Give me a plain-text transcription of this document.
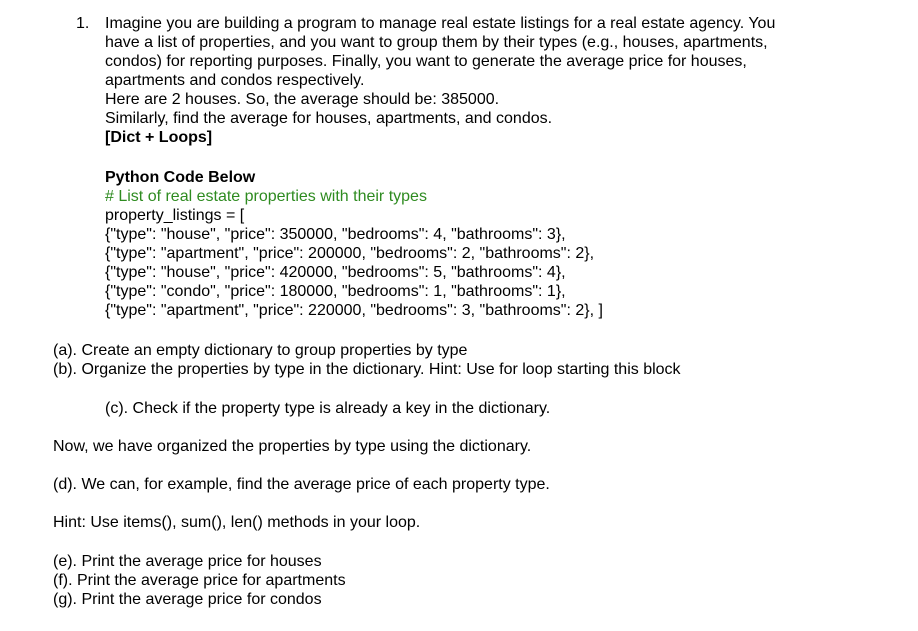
1. Imagine you are building a program to manage real estate listings for a real estate agency. You
have a list of properties, and you want to group them by their types (e.g., houses, apartments,
condos) for reporting purposes. Finally, you want to generate the average price for houses,
apartments and condos respectively.
Here are 2 houses. So, the average should be: 385000.
Similarly, find the average for houses, apartments, and condos.
[Dict + Loops]
Python Code Below
# List of real estate properties with their types
property_listings = [
{"type": "house", "price": 350000, "bedrooms": 4, "bathrooms": 3},
{"type": "apartment", "price": 200000, "bedrooms": 2, "bathrooms": 2},
{"type": "house", "price": 420000, "bedrooms": 5, "bathrooms": 4},
{"type": "condo", "price": 180000, "bedrooms": 1, "bathrooms": 1},
{"type": "apartment", "price": 220000, "bedrooms": 3, "bathrooms": 2}, ]
(a). Create an empty dictionary to group properties by type
(b). Organize the properties by type in the dictionary. Hint: Use for loop starting this block
(c). Check if the property type is already a key in the dictionary.
Now, we have organized the properties by type using the dictionary.
(d). We can, for example, find the average price of each property type.
Hint: Use items(), sum(), len() methods in your loop.
(e). Print the average price for houses
(f). Print the average price for apartments
(g). Print the average price for condos
